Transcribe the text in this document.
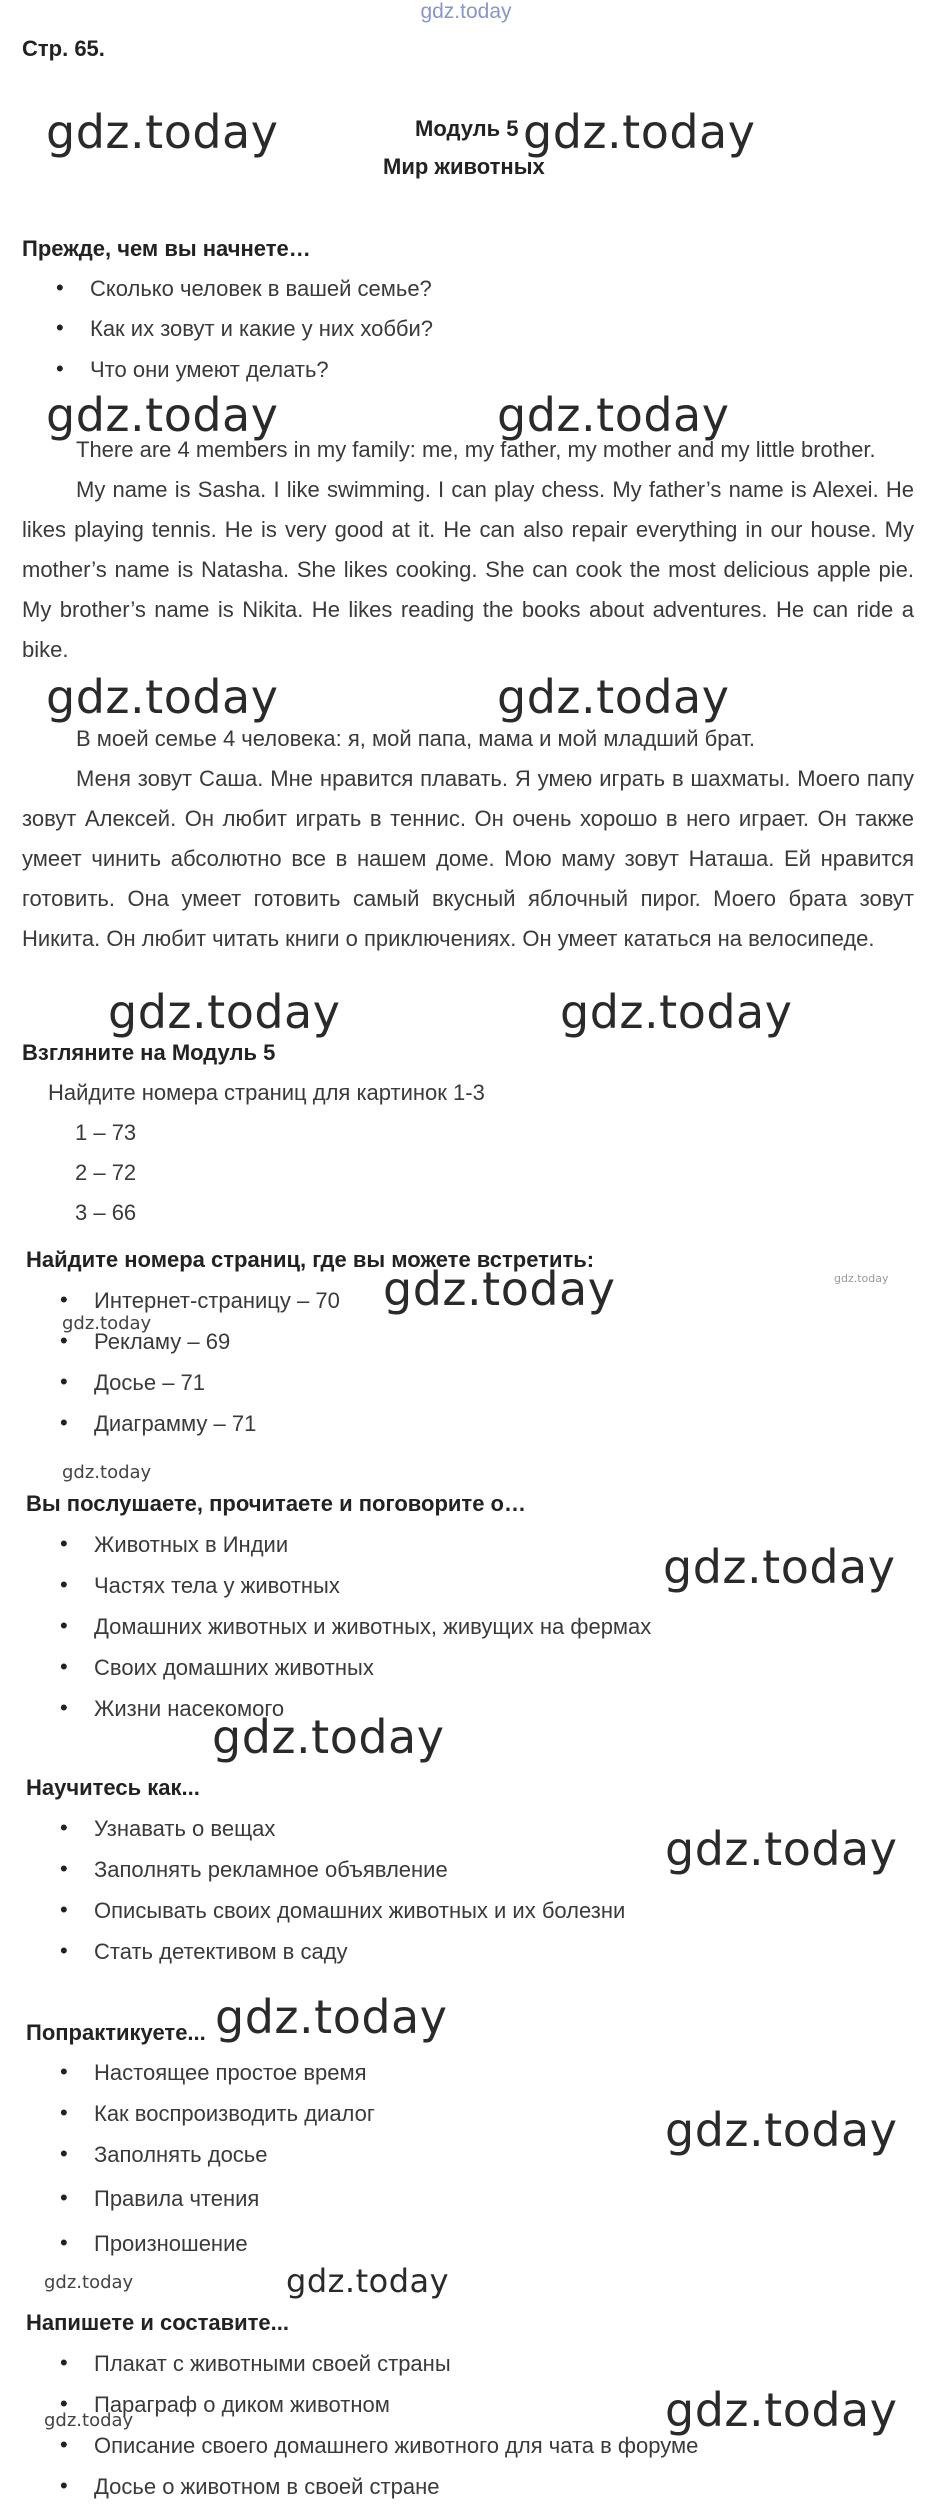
gdz.today
Стр. 65.
Модуль 5
Мир животных
Прежде, чем вы начнете…
• Сколько человек в вашей семье?
• Как их зовут и какие у них хобби?
• Что они умеют делать?

There are 4 members in my family: me, my father, my mother and my little brother.

My name is Sasha. I like swimming. I can play chess. My father’s name is Alexei. He likes playing tennis. He is very good at it. He can also repair everything in our house. My mother’s name is Natasha. She likes cooking. She can cook the most delicious apple pie. My brother’s name is Nikita. He likes reading the books about adventures. He can ride a bike.

В моей семье 4 человека: я, мой папа, мама и мой младший брат.

Меня зовут Саша. Мне нравится плавать. Я умею играть в шахматы. Моего папу зовут Алексей. Он любит играть в теннис. Он очень хорошо в него играет. Он также умеет чинить абсолютно все в нашем доме. Мою маму зовут Наташа. Ей нравится готовить. Она умеет готовить самый вкусный яблочный пирог. Моего брата зовут Никита. Он любит читать книги о приключениях. Он умеет кататься на велосипеде.

Взгляните на Модуль 5
Найдите номера страниц для картинок 1-3
1 – 73
2 – 72
3 – 66
Найдите номера страниц, где вы можете встретить:
• Интернет-страницу – 70
• Рекламу – 69
• Досье – 71
• Диаграмму – 71
Вы послушаете, прочитаете и поговорите о…
• Животных в Индии
• Частях тела у животных
• Домашних животных и животных, живущих на фермах
• Своих домашних животных
• Жизни насекомого
Научитесь как...
• Узнавать о вещах
• Заполнять рекламное объявление
• Описывать своих домашних животных и их болезни
• Стать детективом в саду
Попрактикуете...
• Настоящее простое время
• Как воспроизводить диалог
• Заполнять досье
• Правила чтения
• Произношение
Напишете и составите...
• Плакат с животными своей страны
• Параграф о диком животном
• Описание своего домашнего животного для чата в форуме
• Досье о животном в своей стране
gdz.today	gdz.today
gdz.today	gdz.today
gdz.today	gdz.today
gdz.today	gdz.today
gdz.today	gdz.today
gdz.today
gdz.today
gdz.today
gdz.today
gdz.today
gdz.today
gdz.today
gdz.today	gdz.today
gdz.today
gdz.today
